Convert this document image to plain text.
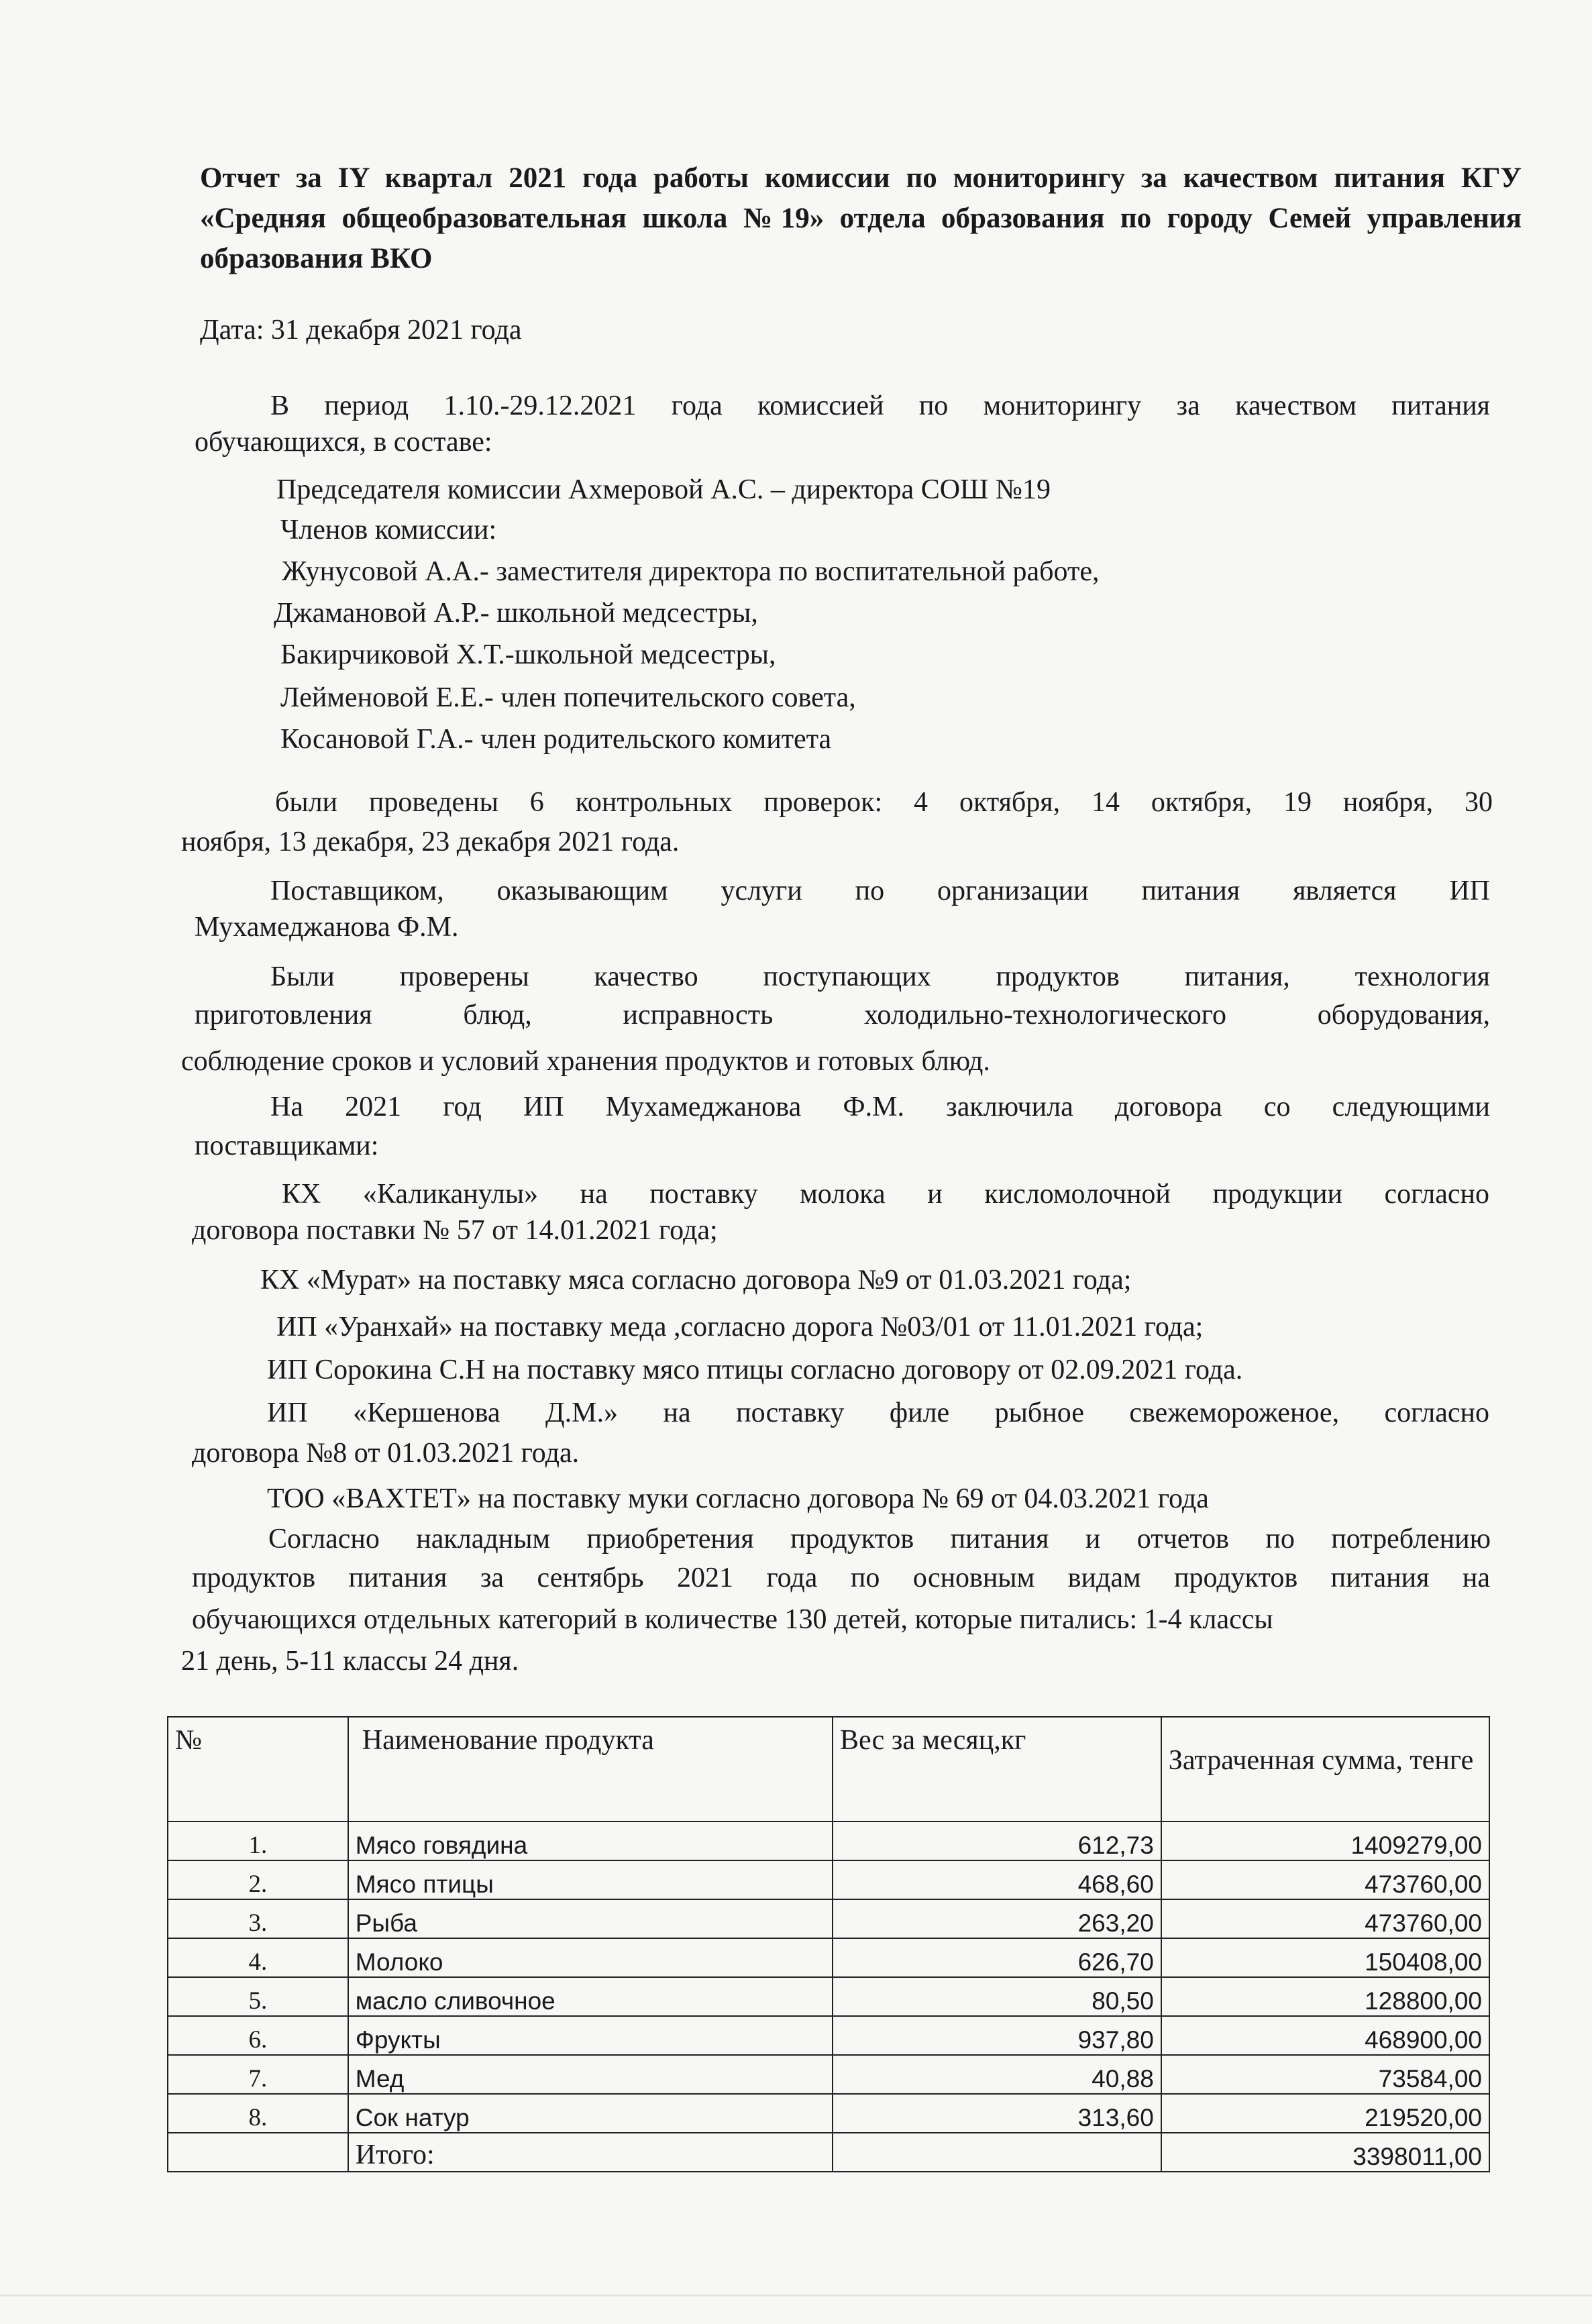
Отчет за IY квартал 2021 года работы комиссии по мониторингу за качеством питания КГУ «Средняя общеобразовательная школа №19» отдела образования по городу Семей управления образования ВКО
Дата: 31 декабря 2021 года
В период 1.10.-29.12.2021 года комиссией по мониторингу за качеством питания
обучающихся, в составе:
Председателя комиссии Ахмеровой А.С. – директора СОШ №19
Членов комиссии:
Жунусовой А.А.- заместителя директора по воспитательной работе,
Джамановой А.Р.- школьной медсестры,
Бакирчиковой Х.Т.-школьной медсестры,
Лейменовой Е.Е.- член попечительского совета,
Косановой Г.А.- член родительского комитета
были проведены 6 контрольных проверок: 4 октября, 14 октября, 19 ноября, 30
ноября, 13 декабря, 23 декабря 2021 года.
Поставщиком, оказывающим услуги по организации питания является ИП
Мухамеджанова Ф.М.
Были проверены качество поступающих продуктов питания, технология
приготовления блюд, исправность холодильно-технологического оборудования,
соблюдение сроков и условий хранения продуктов и готовых блюд.
На 2021 год ИП Мухамеджанова Ф.М. заключила договора со следующими
поставщиками:
КХ «Каликанулы» на поставку молока и кисломолочной продукции согласно
договора поставки № 57 от 14.01.2021 года;
КХ «Мурат» на поставку мяса согласно договора №9 от 01.03.2021 года;
ИП «Уранхай» на поставку меда ,согласно дорога №03/01 от 11.01.2021 года;
ИП Сорокина С.Н на поставку мясо птицы согласно договору от 02.09.2021 года.
ИП «Кершенова Д.М.» на поставку филе рыбное свежемороженое, согласно
договора №8 от 01.03.2021 года.
ТОО «BAXTET» на поставку муки согласно договора № 69 от 04.03.2021 года
Согласно накладным приобретения продуктов питания и отчетов по потреблению
продуктов питания за сентябрь 2021 года по основным видам продуктов питания на
обучающихся отдельных категорий в количестве 130 детей, которые питались: 1-4 классы
21 день, 5-11 классы 24 дня.
№	Наименование продукта	Вес за месяц,кг	Затраченная сумма, тенге
1.	Мясо говядина	612,73	1409279,00
2.	Мясо птицы	468,60	473760,00
3.	Рыба	263,20	473760,00
4.	Молоко	626,70	150408,00
5.	масло сливочное	80,50	128800,00
6.	Фрукты	937,80	468900,00
7.	Мед	40,88	73584,00
8.	Сок натур	313,60	219520,00
	Итого:		3398011,00
